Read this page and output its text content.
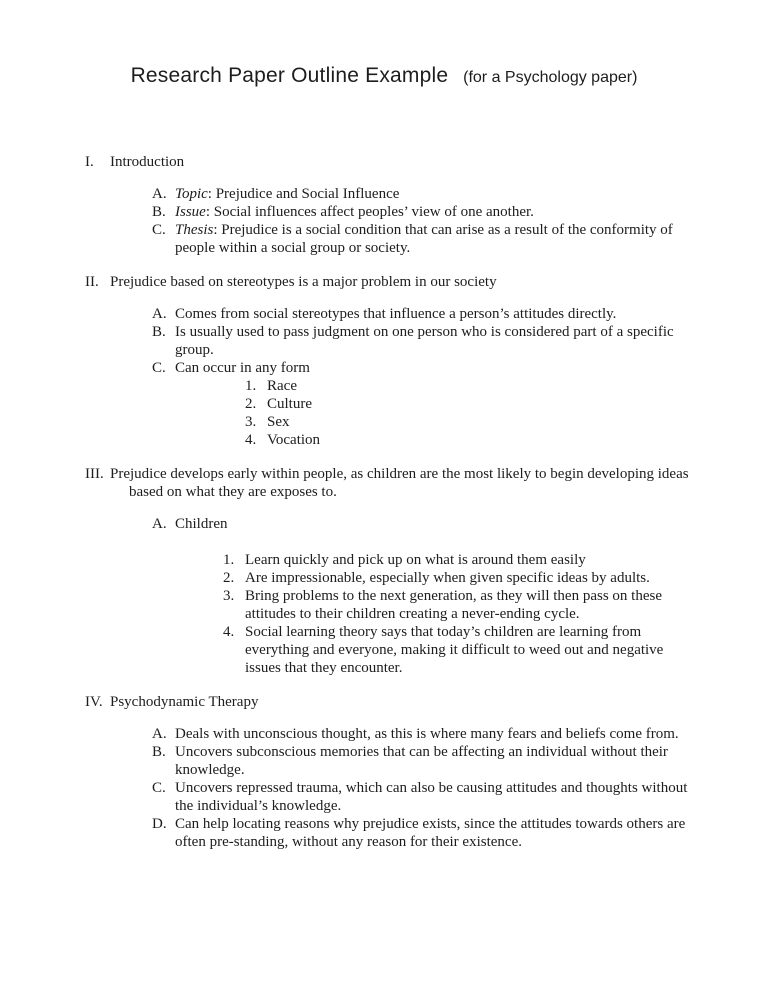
Research Paper Outline Example (for a Psychology paper)
I.	Introduction
A. Topic: Prejudice and Social Influence
B. Issue: Social influences affect peoples’ view of one another.
C. Thesis: Prejudice is a social condition that can arise as a result of the conformity of people within a social group or society.
II. Prejudice based on stereotypes is a major problem in our society
A. Comes from social stereotypes that influence a person’s attitudes directly.
B. Is usually used to pass judgment on one person who is considered part of a specific group.
C. Can occur in any form
1. Race
2. Culture
3. Sex
4. Vocation
III. Prejudice develops early within people, as children are the most likely to begin developing ideas based on what they are exposes to.
A. Children
1. Learn quickly and pick up on what is around them easily
2. Are impressionable, especially when given specific ideas by adults.
3. Bring problems to the next generation, as they will then pass on these attitudes to their children creating a never-ending cycle.
4. Social learning theory says that today’s children are learning from everything and everyone, making it difficult to weed out and negative issues that they encounter.
IV. Psychodynamic Therapy
A. Deals with unconscious thought, as this is where many fears and beliefs come from.
B. Uncovers subconscious memories that can be affecting an individual without their knowledge.
C. Uncovers repressed trauma, which can also be causing attitudes and thoughts without the individual’s knowledge.
D. Can help locating reasons why prejudice exists, since the attitudes towards others are often pre-standing, without any reason for their existence.
